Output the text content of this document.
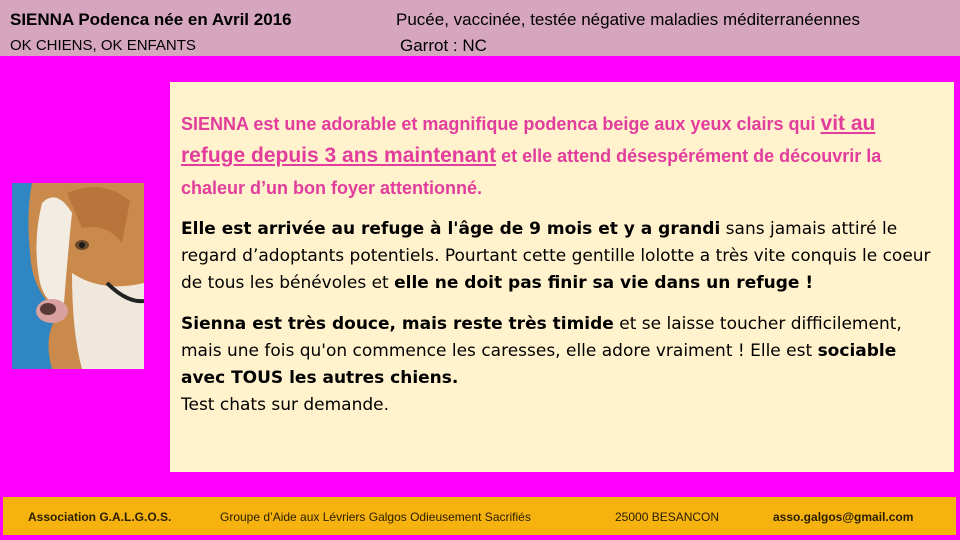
SIENNA Podenca née en Avril 2016
OK CHIENS, OK ENFANTS
Pucée, vaccinée, testée négative maladies méditerranéennes
Garrot : NC

SIENNA est une adorable et magnifique podenca beige aux yeux clairs qui vit au refuge depuis 3 ans maintenant et elle attend désespérément de découvrir la chaleur d’un bon foyer attentionné.

Elle est arrivée au refuge à l'âge de 9 mois et y a grandi sans jamais attiré le regard d’adoptants potentiels. Pourtant cette gentille lolotte a très vite conquis le coeur de tous les bénévoles et elle ne doit pas finir sa vie dans un refuge !

Sienna est très douce, mais reste très timide et se laisse toucher difficilement, mais une fois qu'on commence les caresses, elle adore vraiment ! Elle est sociable avec TOUS les autres chiens.
Test chats sur demande.

Association G.A.L.G.O.S.	Groupe d’Aide aux Lévriers Galgos Odieusement Sacrifiés	25000 BESANCON	asso.galgos@gmail.com
